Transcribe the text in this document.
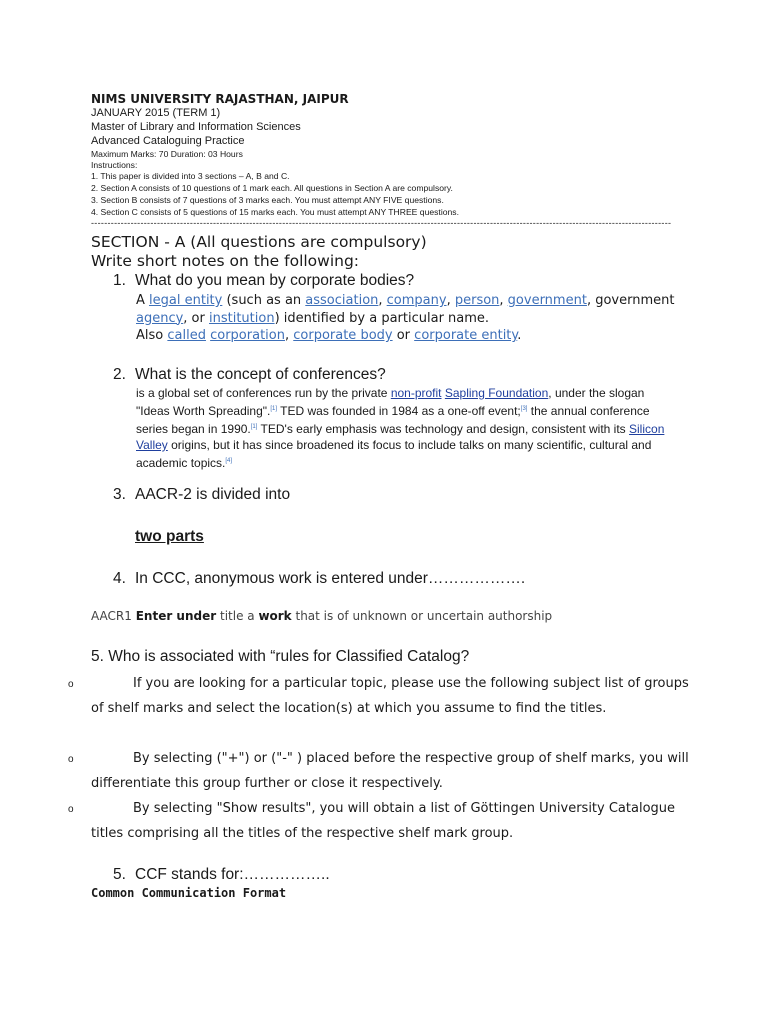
NIMS UNIVERSITY RAJASTHAN, JAIPUR
JANUARY 2015 (TERM 1)
Master of Library and Information Sciences
Advanced Cataloguing Practice
Maximum Marks: 70 Duration: 03 Hours
Instructions:
1. This paper is divided into 3 sections – A, B and C.
2. Section A consists of 10 questions of 1 mark each. All questions in Section A are compulsory.
3. Section B consists of 7 questions of 3 marks each. You must attempt ANY FIVE questions.
4. Section C consists of 5 questions of 15 marks each. You must attempt ANY THREE questions.
--------------------------------------------------------------------------------------------------------------------------------------------------------------------------------
SECTION - A (All questions are compulsory)
Write short notes on the following:
1. What do you mean by corporate bodies?
A legal entity (such as an association, company, person, government, government agency, or institution) identified by a particular name.
Also called corporation, corporate body or corporate entity.
2. What is the concept of conferences?
is a global set of conferences run by the private non-profit Sapling Foundation, under the slogan "Ideas Worth Spreading".[1] TED was founded in 1984 as a one-off event;[3] the annual conference series began in 1990.[1] TED's early emphasis was technology and design, consistent with its Silicon Valley origins, but it has since broadened its focus to include talks on many scientific, cultural and academic topics.[4]
3. AACR-2 is divided into
two parts
4. In CCC, anonymous work is entered under……………….
AACR1 Enter under title a work that is of unknown or uncertain authorship
5. Who is associated with “rules for Classified Catalog?
o	If you are looking for a particular topic, please use the following subject list of groups of shelf marks and select the location(s) at which you assume to find the titles.
o	By selecting ("+") or ("-" ) placed before the respective group of shelf marks, you will differentiate this group further or close it respectively.
o	By selecting "Show results", you will obtain a list of Göttingen University Catalogue titles comprising all the titles of the respective shelf mark group.
5. CCF stands for:……………..
Common Communication Format
